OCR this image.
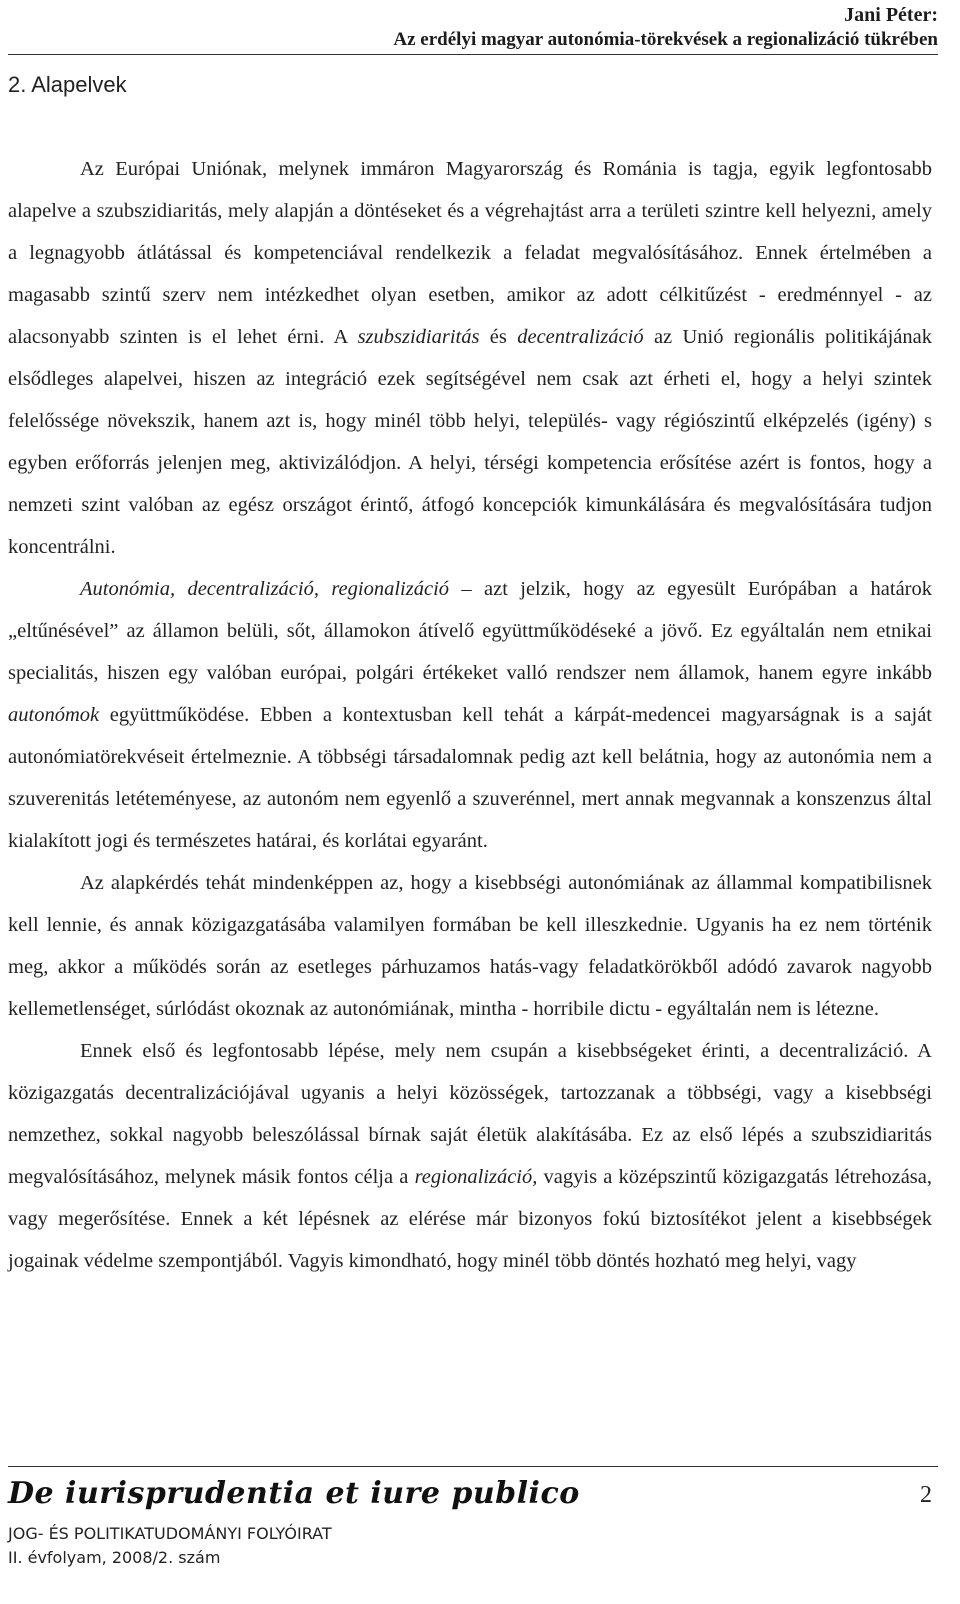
Jani Péter:
Az erdélyi magyar autonómia-törekvések a regionalizáció tükrében
2. Alapelvek

Az Európai Uniónak, melynek immáron Magyarország és Románia is tagja, egyik legfontosabb alapelve a szubszidiaritás, mely alapján a döntéseket és a végrehajtást arra a területi szintre kell helyezni, amely a legnagyobb átlátással és kompetenciával rendelkezik a feladat megvalósításához. Ennek értelmében a magasabb szintű szerv nem intézkedhet olyan esetben, amikor az adott célkitűzést - eredménnyel - az alacsonyabb szinten is el lehet érni. A szubszidiaritás és decentralizáció az Unió regionális politikájának elsődleges alapelvei, hiszen az integráció ezek segítségével nem csak azt érheti el, hogy a helyi szintek felelőssége növekszik, hanem azt is, hogy minél több helyi, település- vagy régiószintű elképzelés (igény) s egyben erőforrás jelenjen meg, aktivizálódjon. A helyi, térségi kompetencia erősítése azért is fontos, hogy a nemzeti szint valóban az egész országot érintő, átfogó koncepciók kimunkálására és megvalósítására tudjon koncentrálni.

Autonómia, decentralizáció, regionalizáció – azt jelzik, hogy az egyesült Európában a határok „eltűnésével” az államon belüli, sőt, államokon átívelő együttműködéseké a jövő. Ez egyáltalán nem etnikai specialitás, hiszen egy valóban európai, polgári értékeket valló rendszer nem államok, hanem egyre inkább autonómok együttműködése. Ebben a kontextusban kell tehát a kárpát-medencei magyarságnak is a saját autonómiatörekvéseit értelmeznie. A többségi társadalomnak pedig azt kell belátnia, hogy az autonómia nem a szuverenitás letéteményese, az autonóm nem egyenlő a szuverénnel, mert annak megvannak a konszenzus által kialakított jogi és természetes határai, és korlátai egyaránt.

Az alapkérdés tehát mindenképpen az, hogy a kisebbségi autonómiának az állammal kompatibilisnek kell lennie, és annak közigazgatásába valamilyen formában be kell illeszkednie. Ugyanis ha ez nem történik meg, akkor a működés során az esetleges párhuzamos hatás-vagy feladatkörökből adódó zavarok nagyobb kellemetlenséget, súrlódást okoznak az autonómiának, mintha - horribile dictu - egyáltalán nem is létezne.

Ennek első és legfontosabb lépése, mely nem csupán a kisebbségeket érinti, a decentralizáció. A közigazgatás decentralizációjával ugyanis a helyi közösségek, tartozzanak a többségi, vagy a kisebbségi nemzethez, sokkal nagyobb beleszólással bírnak saját életük alakításába. Ez az első lépés a szubszidiaritás megvalósításához, melynek másik fontos célja a regionalizáció, vagyis a középszintű közigazgatás létrehozása, vagy megerősítése. Ennek a két lépésnek az elérése már bizonyos fokú biztosítékot jelent a kisebbségek jogainak védelme szempontjából. Vagyis kimondható, hogy minél több döntés hozható meg helyi, vagy

De iurisprudentia et iure publico
JOG- ÉS POLITIKATUDOMÁNYI FOLYÓIRAT
II. évfolyam, 2008/2. szám
2
